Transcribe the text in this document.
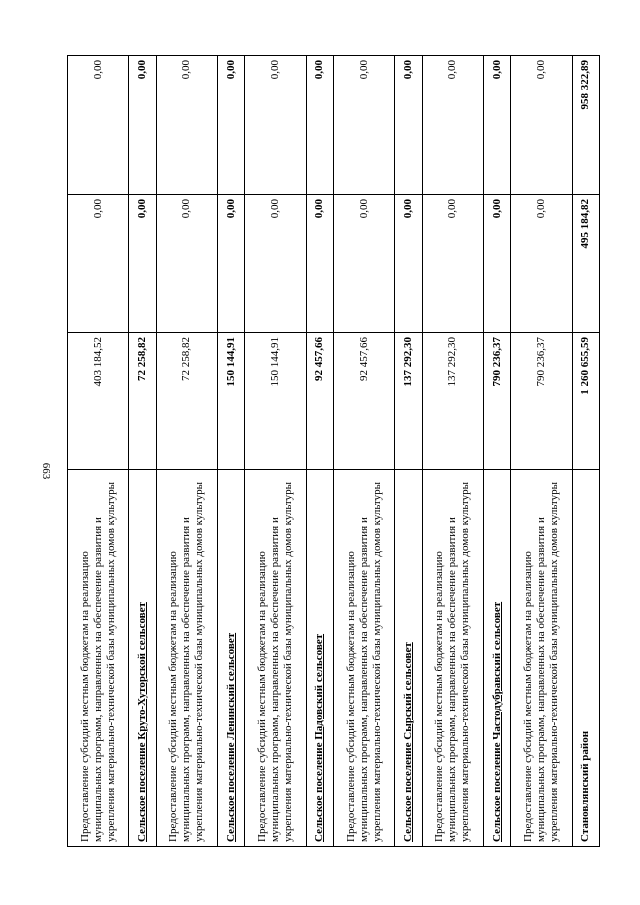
663
Предоставление субсидий местным бюджетам на реализацию муниципальных программ, направленных на обеспечение развития и укрепления материально-технической базы муниципальных домов культуры	403 184,52	0,00	0,00
Сельское поселение Круто-Хуторской сельсовет	72 258,82	0,00	0,00
Предоставление субсидий местным бюджетам на реализацию муниципальных программ, направленных на обеспечение развития и укрепления материально-технической базы муниципальных домов культуры	72 258,82	0,00	0,00
Сельское поселение Ленинский сельсовет	150 144,91	0,00	0,00
Предоставление субсидий местным бюджетам на реализацию муниципальных программ, направленных на обеспечение развития и укрепления материально-технической базы муниципальных домов культуры	150 144,91	0,00	0,00
Сельское поселение Падовский сельсовет	92 457,66	0,00	0,00
Предоставление субсидий местным бюджетам на реализацию муниципальных программ, направленных на обеспечение развития и укрепления материально-технической базы муниципальных домов культуры	92 457,66	0,00	0,00
Сельское поселение Сырский сельсовет	137 292,30	0,00	0,00
Предоставление субсидий местным бюджетам на реализацию муниципальных программ, направленных на обеспечение развития и укрепления материально-технической базы муниципальных домов культуры	137 292,30	0,00	0,00
Сельское поселение Частодубравский сельсовет	790 236,37	0,00	0,00
Предоставление субсидий местным бюджетам на реализацию муниципальных программ, направленных на обеспечение развития и укрепления материально-технической базы муниципальных домов культуры	790 236,37	0,00	0,00
Становлянский район	1 260 655,59	495 184,82	958 322,89
